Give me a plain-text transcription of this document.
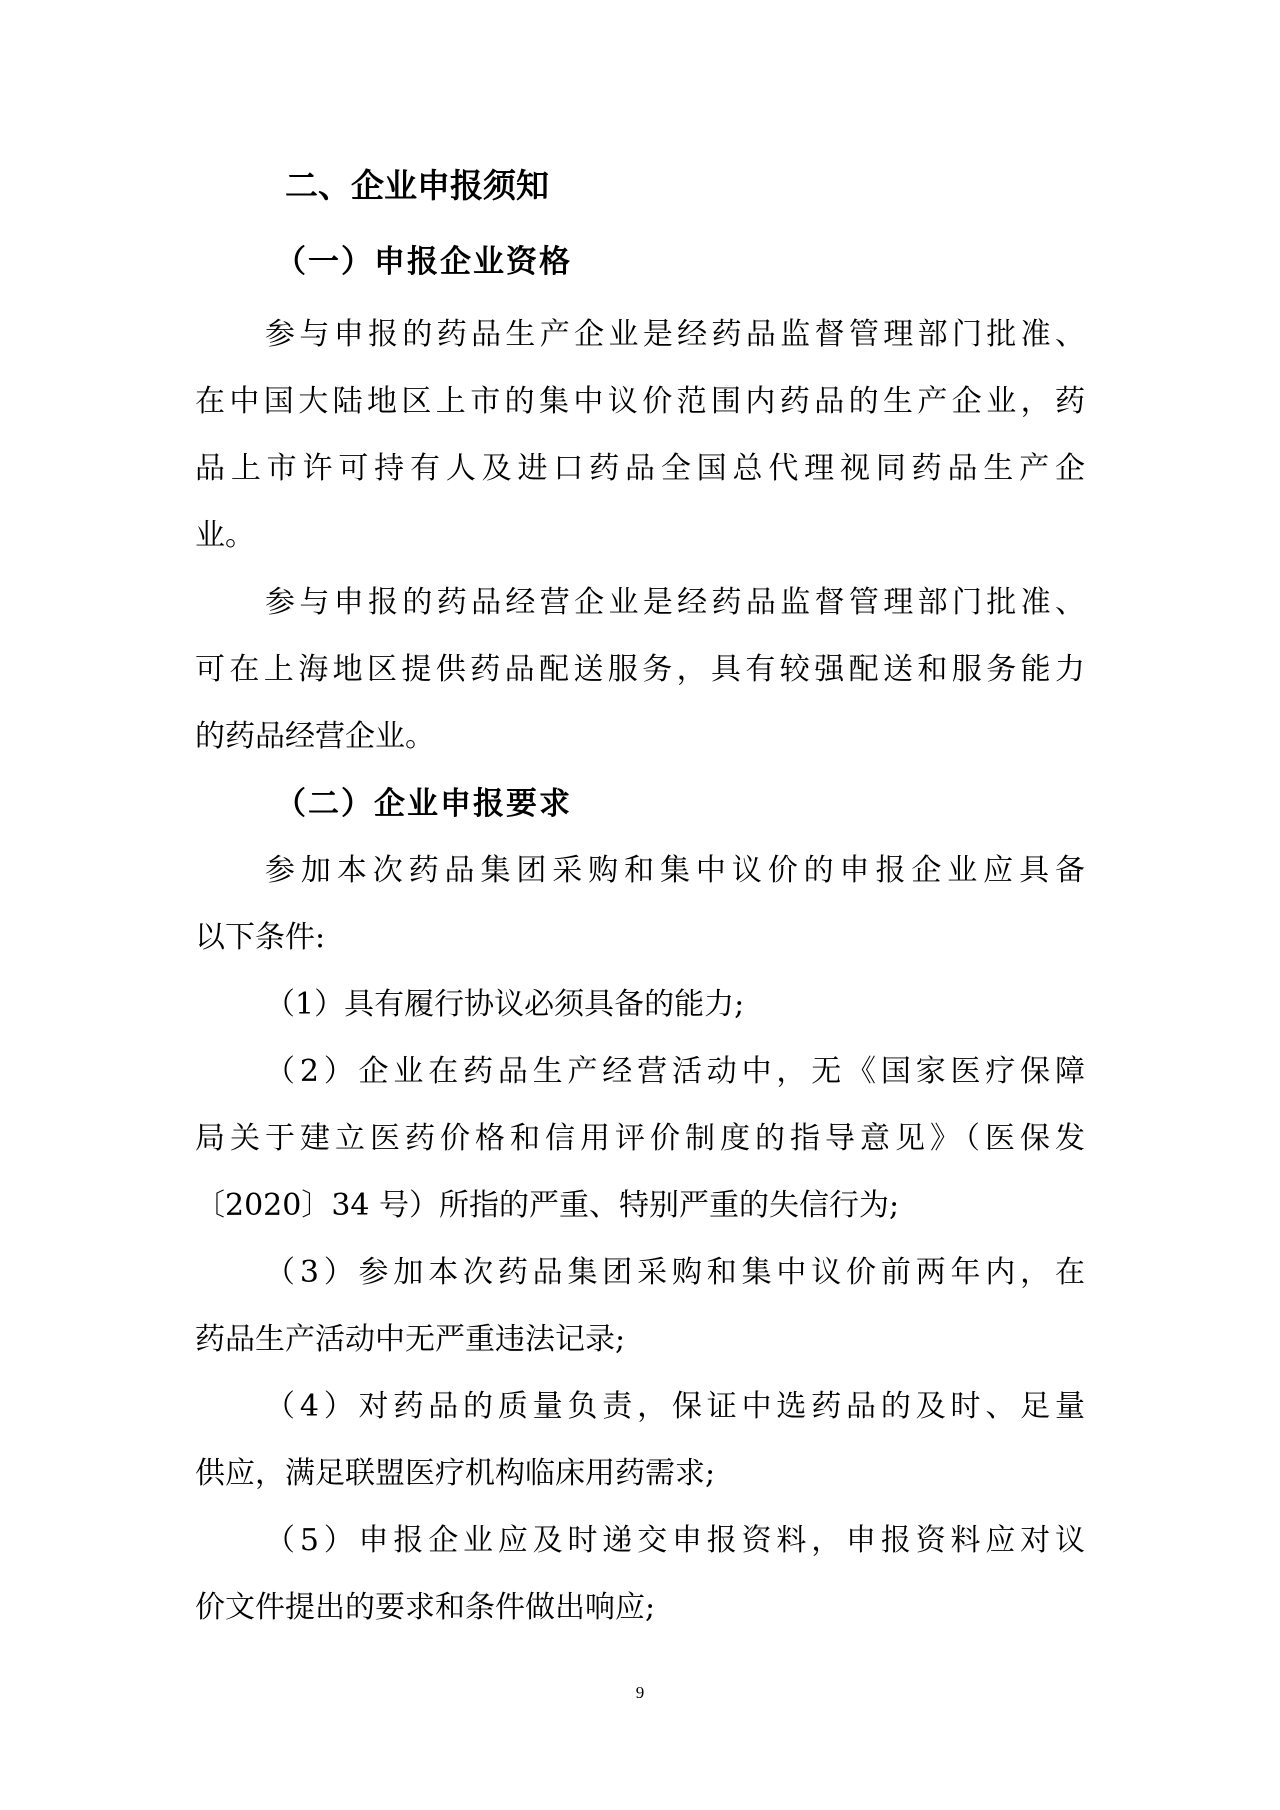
二、企业申报须知
（一）申报企业资格
参与申报的药品生产企业是经药品监督管理部门批准、
在中国大陆地区上市的集中议价范围内药品的生产企业，药
品上市许可持有人及进口药品全国总代理视同药品生产企
业。
参与申报的药品经营企业是经药品监督管理部门批准、
可在上海地区提供药品配送服务，具有较强配送和服务能力
的药品经营企业。
（二）企业申报要求
参加本次药品集团采购和集中议价的申报企业应具备
以下条件:
（1）具有履行协议必须具备的能力;
（2）企业在药品生产经营活动中，无《国家医疗保障
局关于建立医药价格和信用评价制度的指导意见》（医保发
〔2020〕34 号）所指的严重、特别严重的失信行为;
（3）参加本次药品集团采购和集中议价前两年内，在
药品生产活动中无严重违法记录;
（4）对药品的质量负责，保证中选药品的及时、足量
供应，满足联盟医疗机构临床用药需求;
（5）申报企业应及时递交申报资料，申报资料应对议
价文件提出的要求和条件做出响应;
9
